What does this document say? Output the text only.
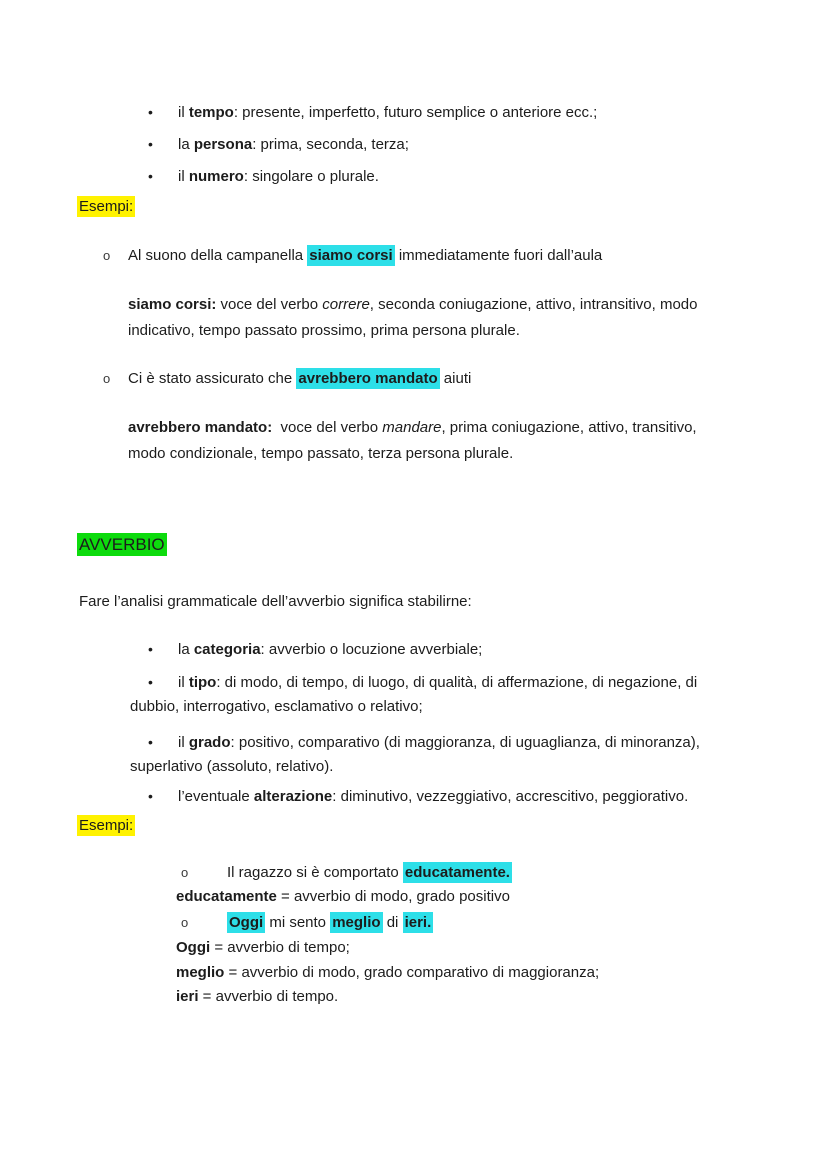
• il tempo: presente, imperfetto, futuro semplice o anteriore ecc.;
• la persona: prima, seconda, terza;
• il numero: singolare o plurale.
Esempi:
o Al suono della campanella siamo corsi immediatamente fuori dall’aula
siamo corsi: voce del verbo correre, seconda coniugazione, attivo, intransitivo, modo
indicativo, tempo passato prossimo, prima persona plurale.
o Ci è stato assicurato che avrebbero mandato aiuti
avrebbero mandato:  voce del verbo mandare, prima coniugazione, attivo, transitivo,
modo condizionale, tempo passato, terza persona plurale.
AVVERBIO
Fare l’analisi grammaticale dell’avverbio significa stabilirne:
• la categoria: avverbio o locuzione avverbiale;
• il tipo: di modo, di tempo, di luogo, di qualità, di affermazione, di negazione, di
dubbio, interrogativo, esclamativo o relativo;
• il grado: positivo, comparativo (di maggioranza, di uguaglianza, di minoranza),
superlativo (assoluto, relativo).
• l’eventuale alterazione: diminutivo, vezzeggiativo, accrescitivo, peggiorativo.
Esempi:
o	Il ragazzo si è comportato educatamente.
educatamente = avverbio di modo, grado positivo
o	Oggi mi sento meglio di ieri.
Oggi = avverbio di tempo;
meglio = avverbio di modo, grado comparativo di maggioranza;
ieri = avverbio di tempo.
